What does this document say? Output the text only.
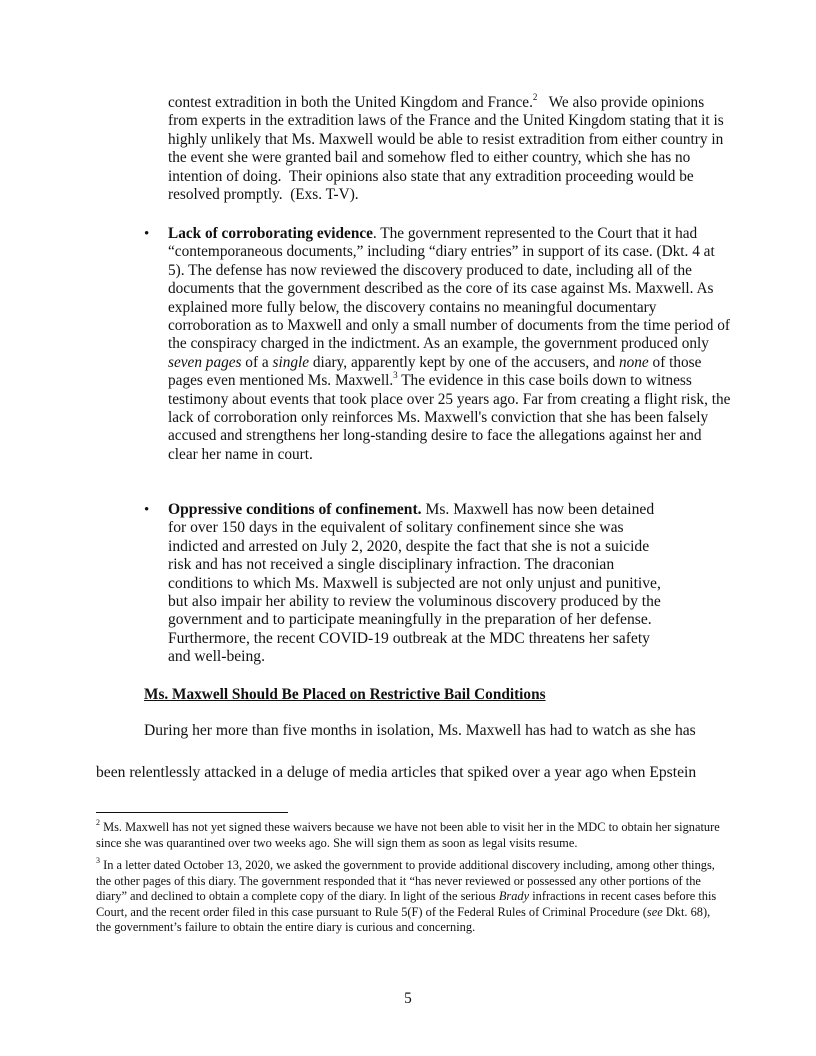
contest extradition in both the United Kingdom and France.$^2$   We also provide opinions from experts in the extradition laws of the France and the United Kingdom stating that it is highly unlikely that Ms. Maxwell would be able to resist extradition from either country in the event she were granted bail and somehow fled to either country, which she has no intention of doing.  Their opinions also state that any extradition proceeding would be resolved promptly.  (Exs. T-V).
• Lack of corroborating evidence. The government represented to the Court that it had “contemporaneous documents,” including “diary entries” in support of its case. (Dkt. 4 at 5). The defense has now reviewed the discovery produced to date, including all of the documents that the government described as the core of its case against Ms. Maxwell. As explained more fully below, the discovery contains no meaningful documentary corroboration as to Maxwell and only a small number of documents from the time period of the conspiracy charged in the indictment. As an example, the government produced only seven pages of a single diary, apparently kept by one of the accusers, and none of those pages even mentioned Ms. Maxwell.$^3$ The evidence in this case boils down to witness testimony about events that took place over 25 years ago. Far from creating a flight risk, the lack of corroboration only reinforces Ms. Maxwell's conviction that she has been falsely accused and strengthens her long-standing desire to face the allegations against her and clear her name in court.
• Oppressive conditions of confinement. Ms. Maxwell has now been detained for over 150 days in the equivalent of solitary confinement since she was indicted and arrested on July 2, 2020, despite the fact that she is not a suicide risk and has not received a single disciplinary infraction. The draconian conditions to which Ms. Maxwell is subjected are not only unjust and punitive, but also impair her ability to review the voluminous discovery produced by the government and to participate meaningfully in the preparation of her defense. Furthermore, the recent COVID-19 outbreak at the MDC threatens her safety and well-being.
Ms. Maxwell Should Be Placed on Restrictive Bail Conditions
During her more than five months in isolation, Ms. Maxwell has had to watch as she has
been relentlessly attacked in a deluge of media articles that spiked over a year ago when Epstein
$^2$ Ms. Maxwell has not yet signed these waivers because we have not been able to visit her in the MDC to obtain her signature since she was quarantined over two weeks ago. She will sign them as soon as legal visits resume.
$^3$ In a letter dated October 13, 2020, we asked the government to provide additional discovery including, among other things, the other pages of this diary. The government responded that it “has never reviewed or possessed any other portions of the diary” and declined to obtain a complete copy of the diary. In light of the serious Brady infractions in recent cases before this Court, and the recent order filed in this case pursuant to Rule 5(F) of the Federal Rules of Criminal Procedure (see Dkt. 68), the government’s failure to obtain the entire diary is curious and concerning.
5
